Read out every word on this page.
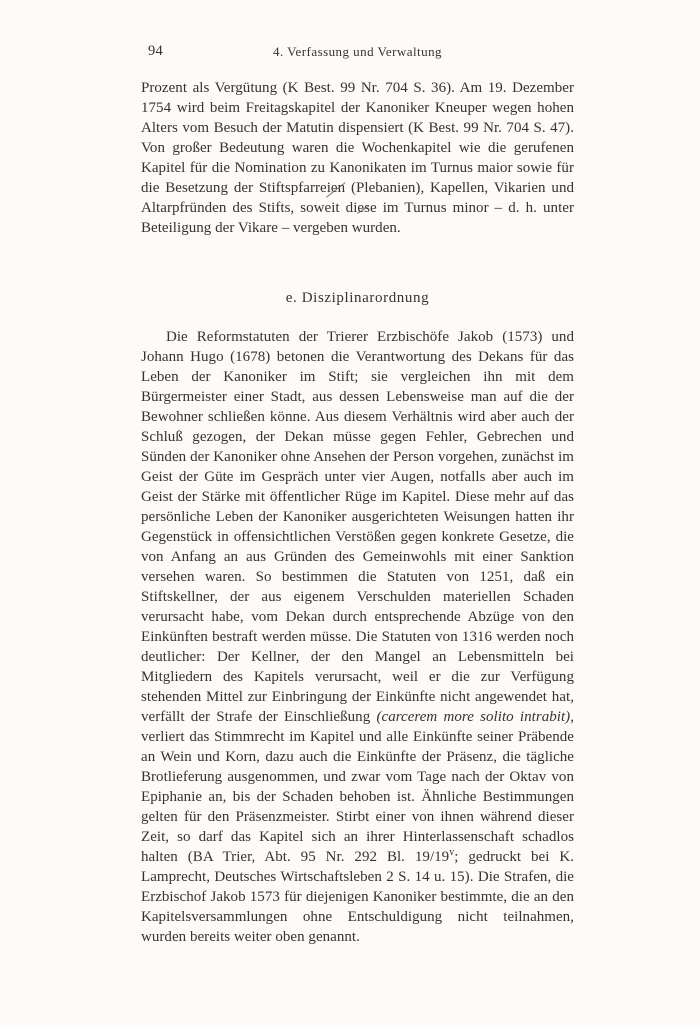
94	4. Verfassung und Verwaltung

Prozent als Vergütung (K Best. 99 Nr. 704 S. 36). Am 19. Dezember 1754 wird beim Freitagskapitel der Kanoniker Kneuper wegen hohen Alters vom Besuch der Matutin dispensiert (K Best. 99 Nr. 704 S. 47). Von großer Bedeutung waren die Wochenkapitel wie die gerufenen Kapitel für die Nomination zu Kanonikaten im Turnus maior sowie für die Besetzung der Stiftspfarreien (Plebanien), Kapellen, Vikarien und Altarpfründen des Stifts, soweit diese im Turnus minor – d. h. unter Beteiligung der Vikare – vergeben wurden.

e. Disziplinarordnung

Die Reformstatuten der Trierer Erzbischöfe Jakob (1573) und Johann Hugo (1678) betonen die Verantwortung des Dekans für das Leben der Kanoniker im Stift; sie vergleichen ihn mit dem Bürgermeister einer Stadt, aus dessen Lebensweise man auf die der Bewohner schließen könne. Aus diesem Verhältnis wird aber auch der Schluß gezogen, der Dekan müsse gegen Fehler, Gebrechen und Sünden der Kanoniker ohne Ansehen der Person vorgehen, zunächst im Geist der Güte im Gespräch unter vier Augen, notfalls aber auch im Geist der Stärke mit öffentlicher Rüge im Kapitel. Diese mehr auf das persönliche Leben der Kanoniker ausgerichteten Weisungen hatten ihr Gegenstück in offensichtlichen Verstößen gegen konkrete Gesetze, die von Anfang an aus Gründen des Gemeinwohls mit einer Sanktion versehen waren. So bestimmen die Statuten von 1251, daß ein Stiftskellner, der aus eigenem Verschulden materiellen Schaden verursacht habe, vom Dekan durch entsprechende Abzüge von den Einkünften bestraft werden müsse. Die Statuten von 1316 werden noch deutlicher: Der Kellner, der den Mangel an Lebensmitteln bei Mitgliedern des Kapitels verursacht, weil er die zur Verfügung stehenden Mittel zur Einbringung der Einkünfte nicht angewendet hat, verfällt der Strafe der Einschließung (carcerem more solito intrabit), verliert das Stimmrecht im Kapitel und alle Einkünfte seiner Präbende an Wein und Korn, dazu auch die Einkünfte der Präsenz, die tägliche Brotlieferung ausgenommen, und zwar vom Tage nach der Oktav von Epiphanie an, bis der Schaden behoben ist. Ähnliche Bestimmungen gelten für den Präsenzmeister. Stirbt einer von ihnen während dieser Zeit, so darf das Kapitel sich an ihrer Hinterlassenschaft schadlos halten (BA Trier, Abt. 95 Nr. 292 Bl. 19/19$^v$; gedruckt bei K. Lamprecht, Deutsches Wirtschaftsleben 2 S. 14 u. 15). Die Strafen, die Erzbischof Jakob 1573 für diejenigen Kanoniker bestimmte, die an den Kapitelsversammlungen ohne Entschuldigung nicht teilnahmen, wurden bereits weiter oben genannt.
